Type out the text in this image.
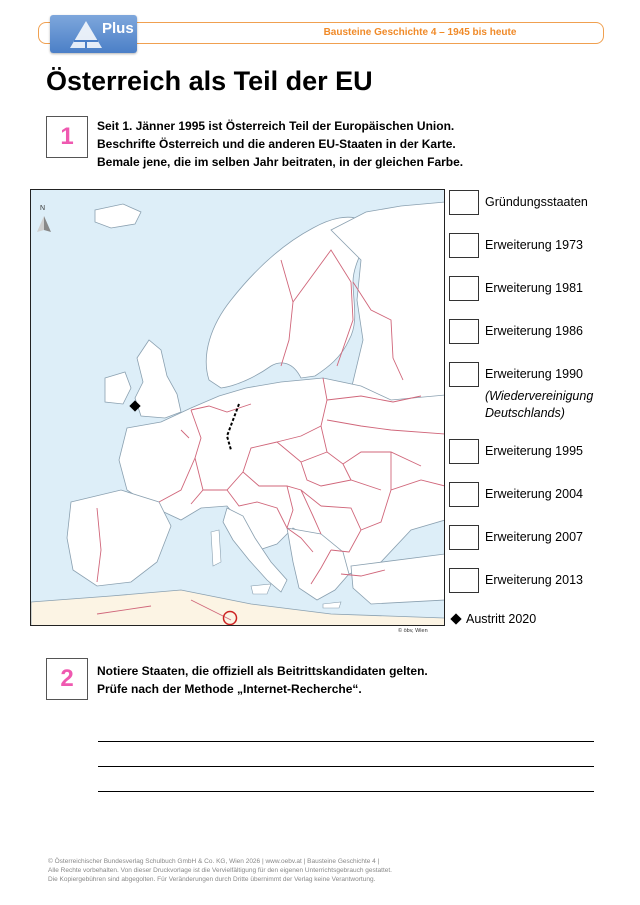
Bausteine Geschichte 4 – 1945 bis heute
Plus
Österreich als Teil der EU
1	Seit 1. Jänner 1995 ist Österreich Teil der Europäischen Union.
Beschrifte Österreich und die anderen EU-Staaten in der Karte.
Bemale jene, die im selben Jahr beitraten, in der gleichen Farbe.
N
© öbv, Wien
Gründungsstaaten
Erweiterung 1973
Erweiterung 1981
Erweiterung 1986
Erweiterung 1990
(Wiedervereinigung
Deutschlands)
Erweiterung 1995
Erweiterung 2004
Erweiterung 2007
Erweiterung 2013
Austritt 2020
2	Notiere Staaten, die offiziell als Beitrittskandidaten gelten.
Prüfe nach der Methode „Internet-Recherche“.
© Österreichischer Bundesverlag Schulbuch GmbH & Co. KG, Wien 2026 | www.oebv.at | Bausteine Geschichte 4 |
Alle Rechte vorbehalten. Von dieser Druckvorlage ist die Vervielfältigung für den eigenen Unterrichtsgebrauch gestattet.
Die Kopiergebühren sind abgegolten. Für Veränderungen durch Dritte übernimmt der Verlag keine Verantwortung.
